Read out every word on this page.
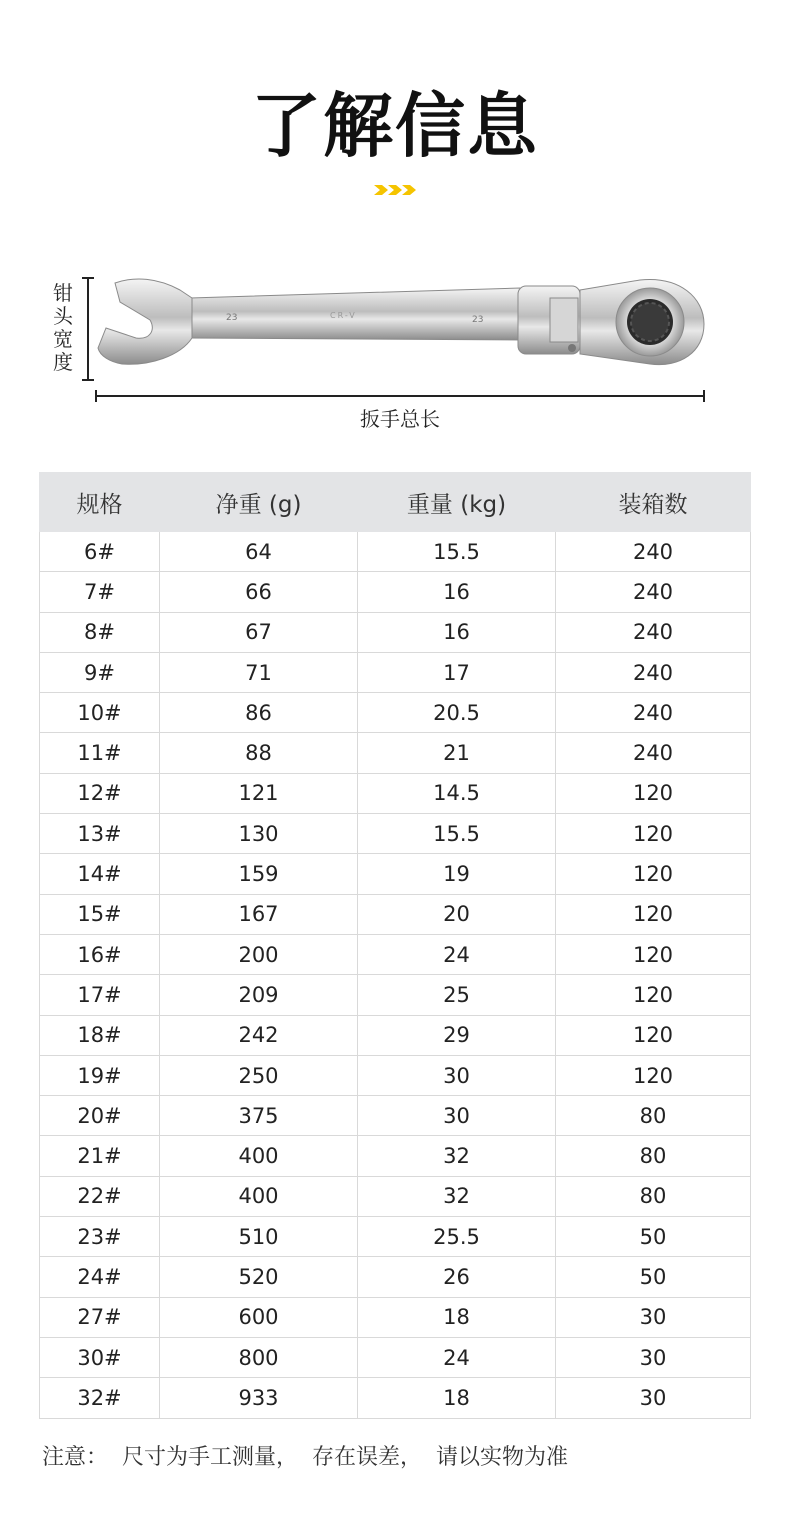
了解信息
钳头宽度
23	CR-V	23
扳手总长
规格	净重 (g)	重量 (kg)	装箱数
6#	64	15.5	240
7#	66	16	240
8#	67	16	240
9#	71	17	240
10#	86	20.5	240
11#	88	21	240
12#	121	14.5	120
13#	130	15.5	120
14#	159	19	120
15#	167	20	120
16#	200	24	120
17#	209	25	120
18#	242	29	120
19#	250	30	120
20#	375	30	80
21#	400	32	80
22#	400	32	80
23#	510	25.5	50
24#	520	26	50
27#	600	18	30
30#	800	24	30
32#	933	18	30
注意：  尺寸为手工测量，  存在误差，  请以实物为准
